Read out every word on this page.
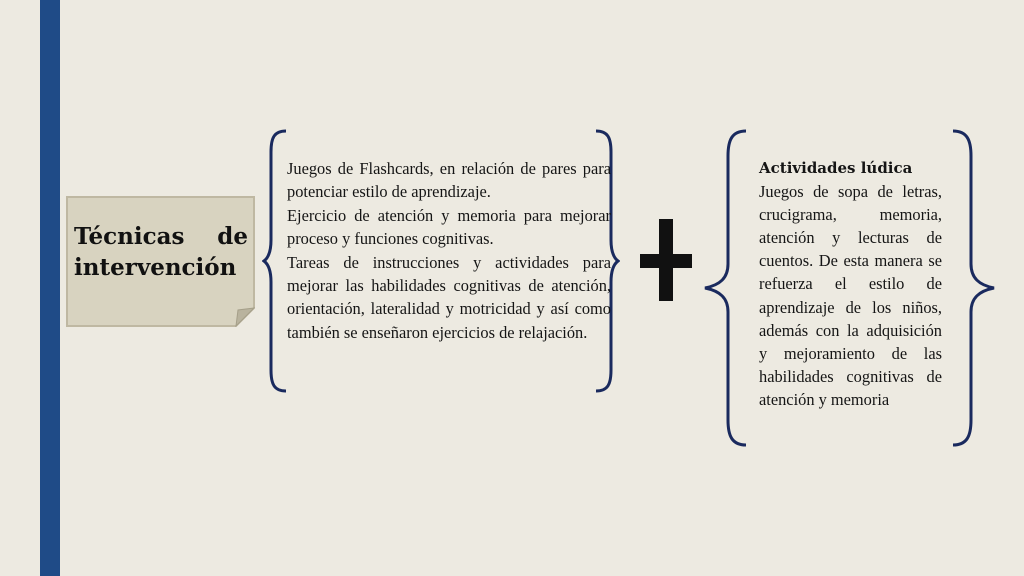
Técnicas de
intervención

Juegos de Flashcards, en relación de pares para potenciar estilo de aprendizaje.

Ejercicio de atención y memoria para mejorar proceso y funciones cognitivas.

Tareas de instrucciones y actividades para mejorar las habilidades cognitivas de atención, orientación, lateralidad y motricidad y así como también se enseñaron ejercicios de relajación.

Actividades lúdica

Juegos de sopa de letras, crucigrama, memoria, atención y lecturas de cuentos. De esta manera se refuerza el estilo de aprendizaje de los niños, además con la adquisición y mejoramiento de las habilidades cognitivas de atención y memoria
